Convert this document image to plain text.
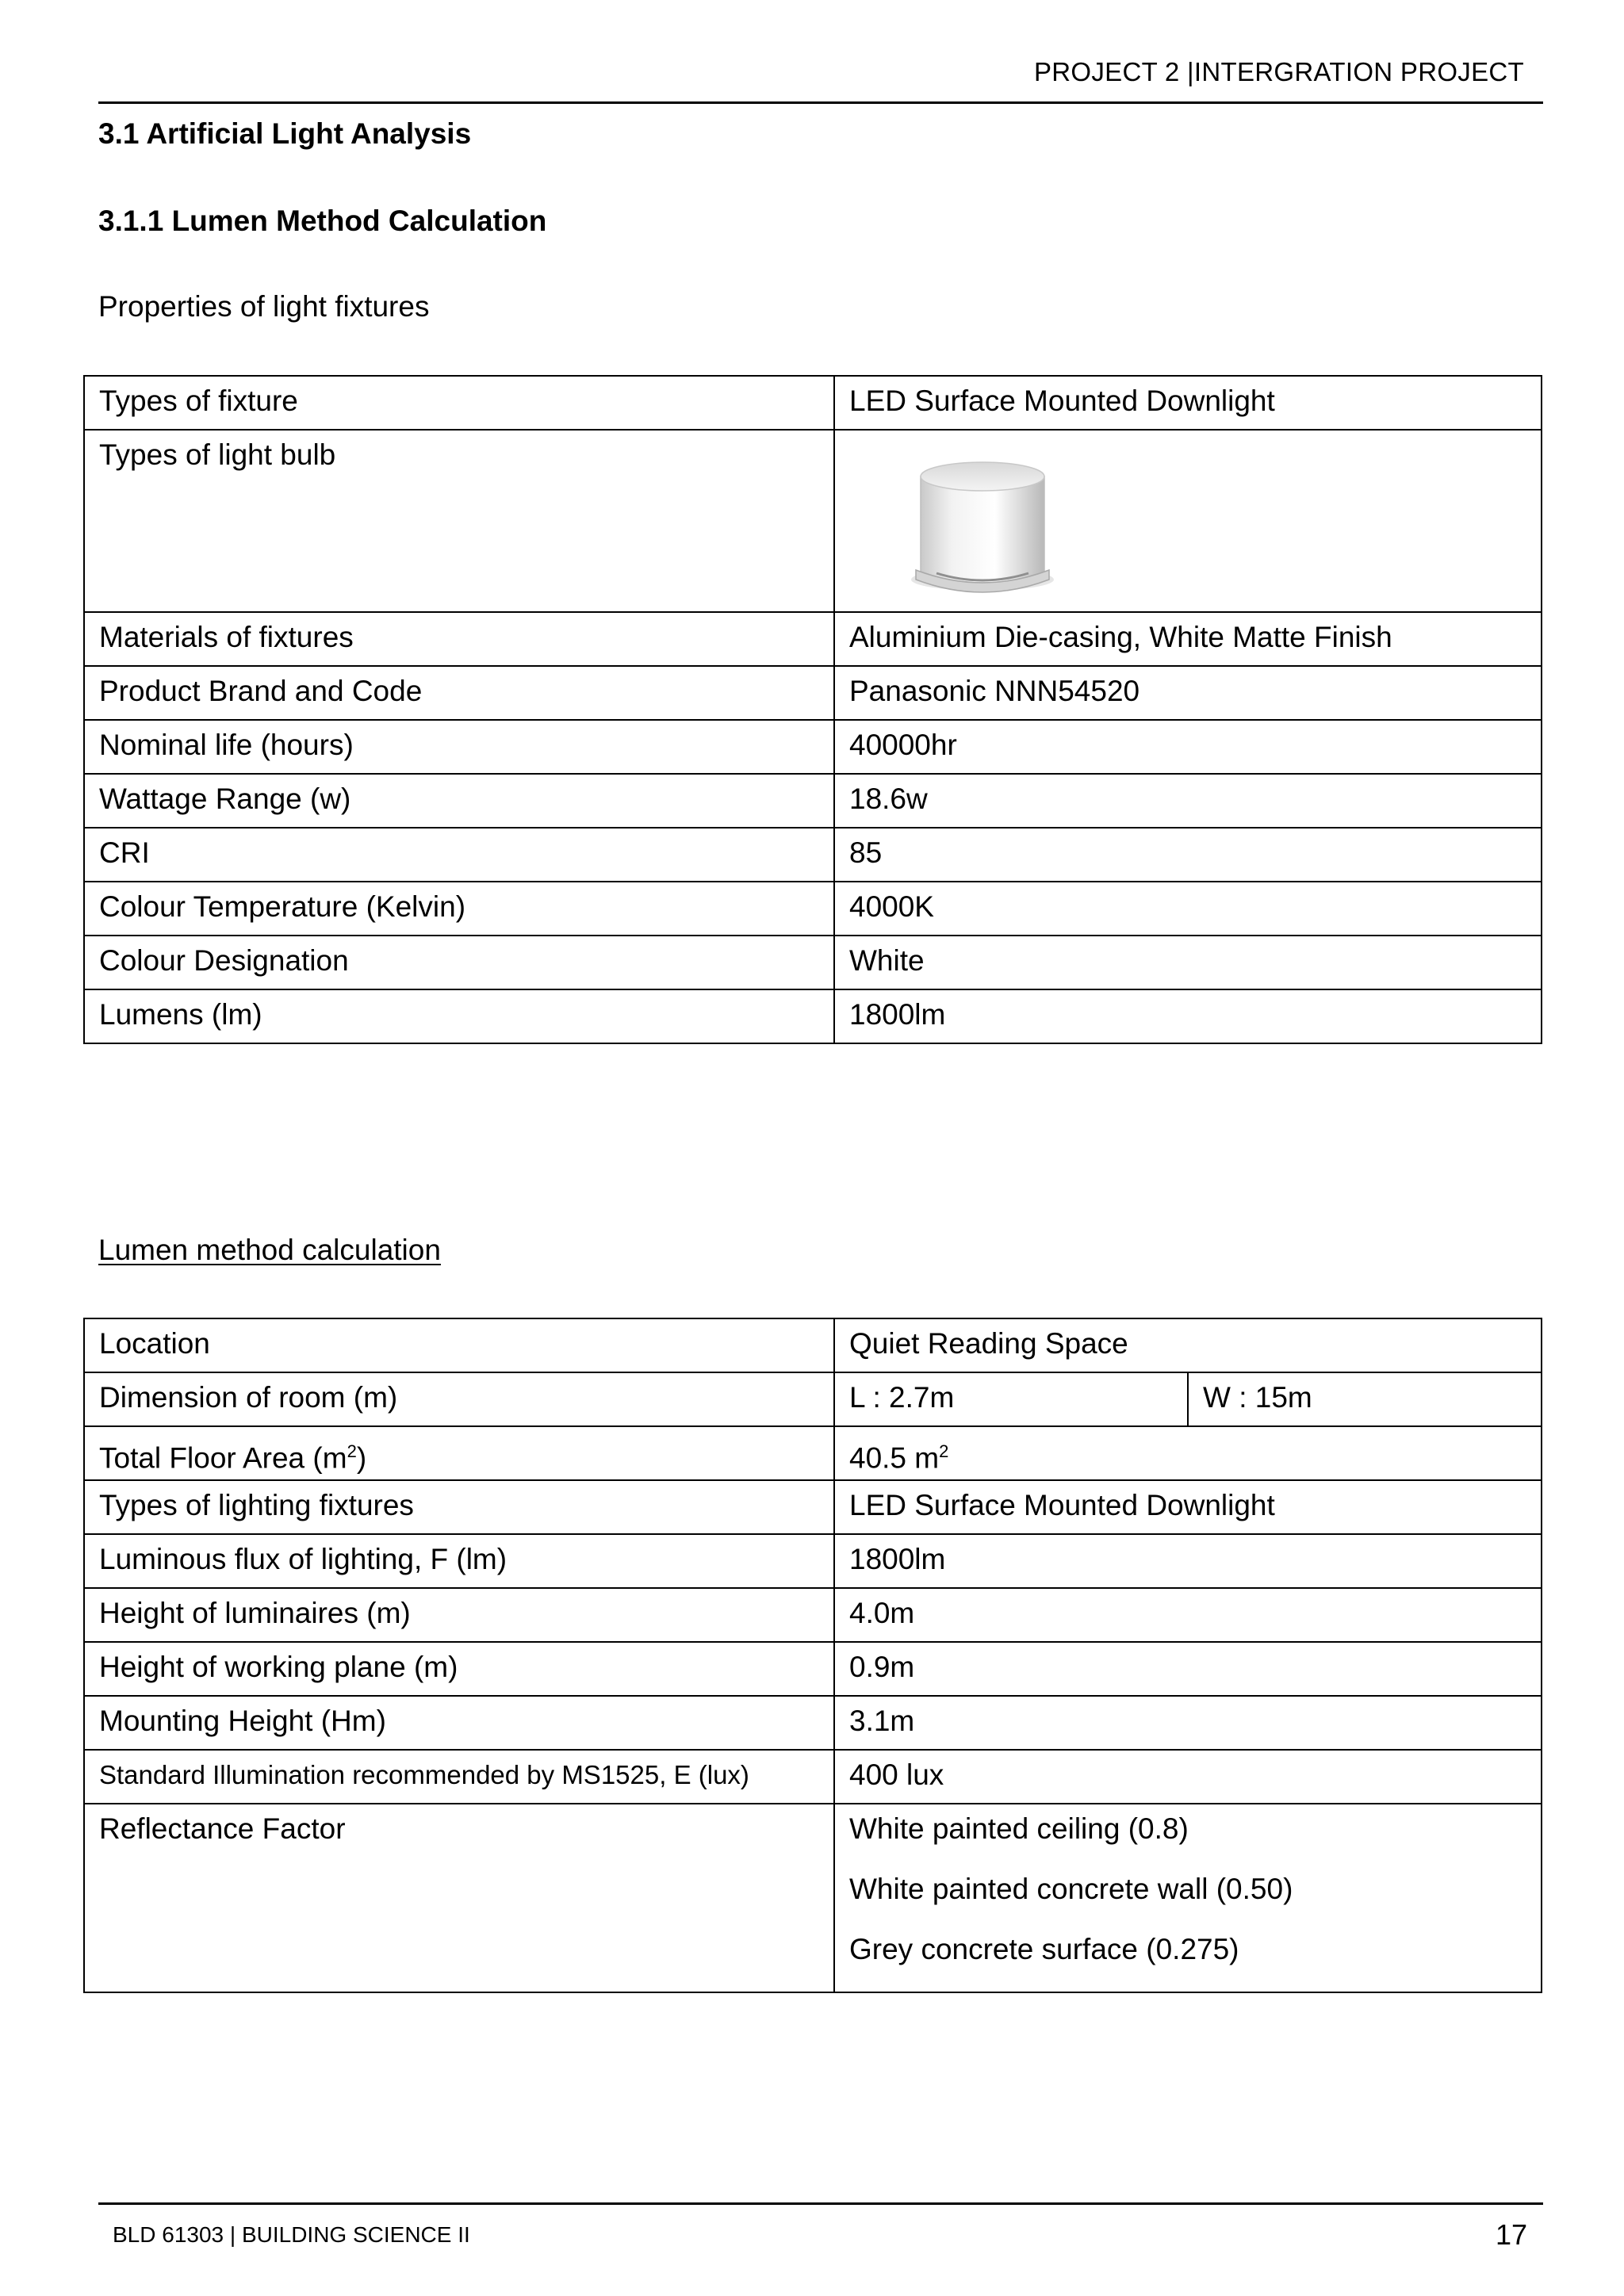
PROJECT 2 |INTERGRATION PROJECT
3.1 Artificial Light Analysis
3.1.1 Lumen Method Calculation
Properties of light fixtures
Types of fixture	LED Surface Mounted Downlight
Types of light bulb	

Materials of fixtures	Aluminium Die-casing, White Matte Finish
Product Brand and Code	Panasonic NNN54520
Nominal life (hours)	40000hr
Wattage Range (w)	18.6w
CRI	85
Colour Temperature (Kelvin)	4000K
Colour Designation	White
Lumens (lm)	1800lm
Lumen method calculation
Location	Quiet Reading Space	
Dimension of room (m)	L : 2.7m	W : 15m
Total Floor Area $(m^2)$	40.5 $m^2$
Types of lighting fixtures	LED Surface Mounted Downlight	
Luminous flux of lighting, F (lm)	1800lm	
Height of luminaires (m)	4.0m	
Height of working plane (m)	0.9m	
Mounting Height (Hm)	3.1m	
Standard Illumination recommended by MS1525, E (lux)	400 lux	
Reflectance Factor	White painted ceiling (0.8)
White painted concrete wall (0.50)
Grey concrete surface (0.275)	
BLD 61303 | BUILDING SCIENCE II	17
